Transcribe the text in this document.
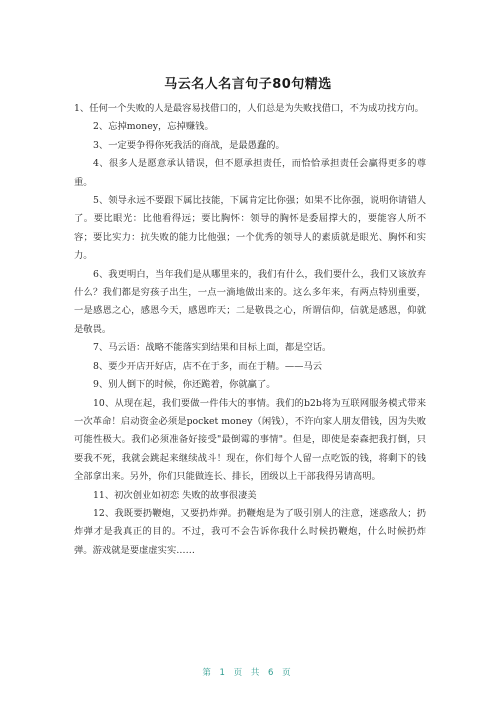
马云名人名言句子80句精选

1、任何一个失败的人是最容易找借口的，人们总是为失败找借口，不为成功找方向。

2、忘掉money，忘掉赚钱。

3、一定要争得你死我活的商战，是最愚蠢的。

4、很多人是愿意承认错误，但不愿承担责任，而恰恰承担责任会赢得更多的尊重。

5、领导永远不要跟下属比技能，下属肯定比你强；如果不比你强，说明你请错人了。要比眼光：比他看得远；要比胸怀：领导的胸怀是委屈撑大的，要能容人所不容；要比实力：抗失败的能力比他强；一个优秀的领导人的素质就是眼光、胸怀和实力。

6、我更明白，当年我们是从哪里来的，我们有什么，我们要什么，我们又该放弃什么？我们都是穷孩子出生，一点一滴地做出来的。这么多年来，有两点特别重要，一是感恩之心，感恩今天，感恩昨天；二是敬畏之心，所谓信仰，信就是感恩，仰就是敬畏。

7、马云语：战略不能落实到结果和目标上面，都是空话。

8、要少开店开好店，店不在于多，而在于精。——马云

9、别人倒下的时候，你还跪着，你就赢了。

10、从现在起，我们要做一件伟大的事情。我们的b2b将为互联网服务模式带来一次革命！启动资金必须是pocket money（闲钱），不许向家人朋友借钱，因为失败可能性极大。我们必须准备好接受"最倒霉的事情"。但是，即使是泰森把我打倒，只要我不死，我就会跳起来继续战斗！现在，你们每个人留一点吃饭的钱，将剩下的钱全部拿出来。另外，你们只能做连长、排长，团级以上干部我得另请高明。

11、初次创业如初恋 失败的故事很凄美

12、我既要扔鞭炮，又要扔炸弹。扔鞭炮是为了吸引别人的注意，迷惑敌人；扔炸弹才是我真正的目的。不过，我可不会告诉你我什么时候扔鞭炮，什么时候扔炸弹。游戏就是要虚虚实实……

第 1 页 共 6 页
